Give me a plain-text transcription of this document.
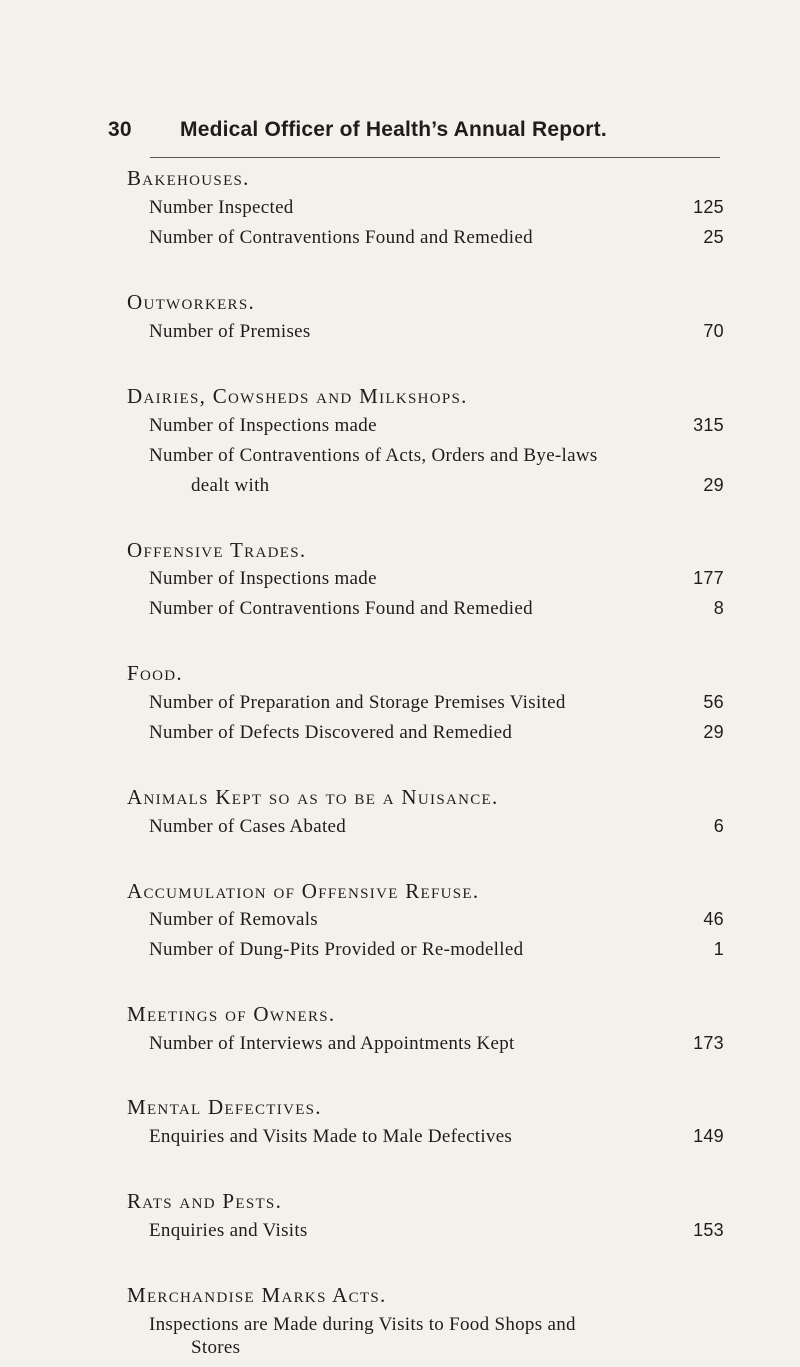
30 Medical Officer of Health’s Annual Report.
Bakehouses.
Number Inspected	125
Number of Contraventions Found and Remedied	25
Outworkers.
Number of Premises	70
Dairies, Cowsheds and Milkshops.
Number of Inspections made	315
Number of Contraventions of Acts, Orders and Bye-laws
dealt with	29
Offensive Trades.
Number of Inspections made	177
Number of Contraventions Found and Remedied	8
Food.
Number of Preparation and Storage Premises Visited	56
Number of Defects Discovered and Remedied	29
Animals Kept so as to be a Nuisance.
Number of Cases Abated	6
Accumulation of Offensive Refuse.
Number of Removals	46
Number of Dung-Pits Provided or Re-modelled	1
Meetings of Owners.
Number of Interviews and Appointments Kept	173
Mental Defectives.
Enquiries and Visits Made to Male Defectives	149
Rats and Pests.
Enquiries and Visits	153
Merchandise Marks Acts.
Inspections are Made during Visits to Food Shops and
Stores
